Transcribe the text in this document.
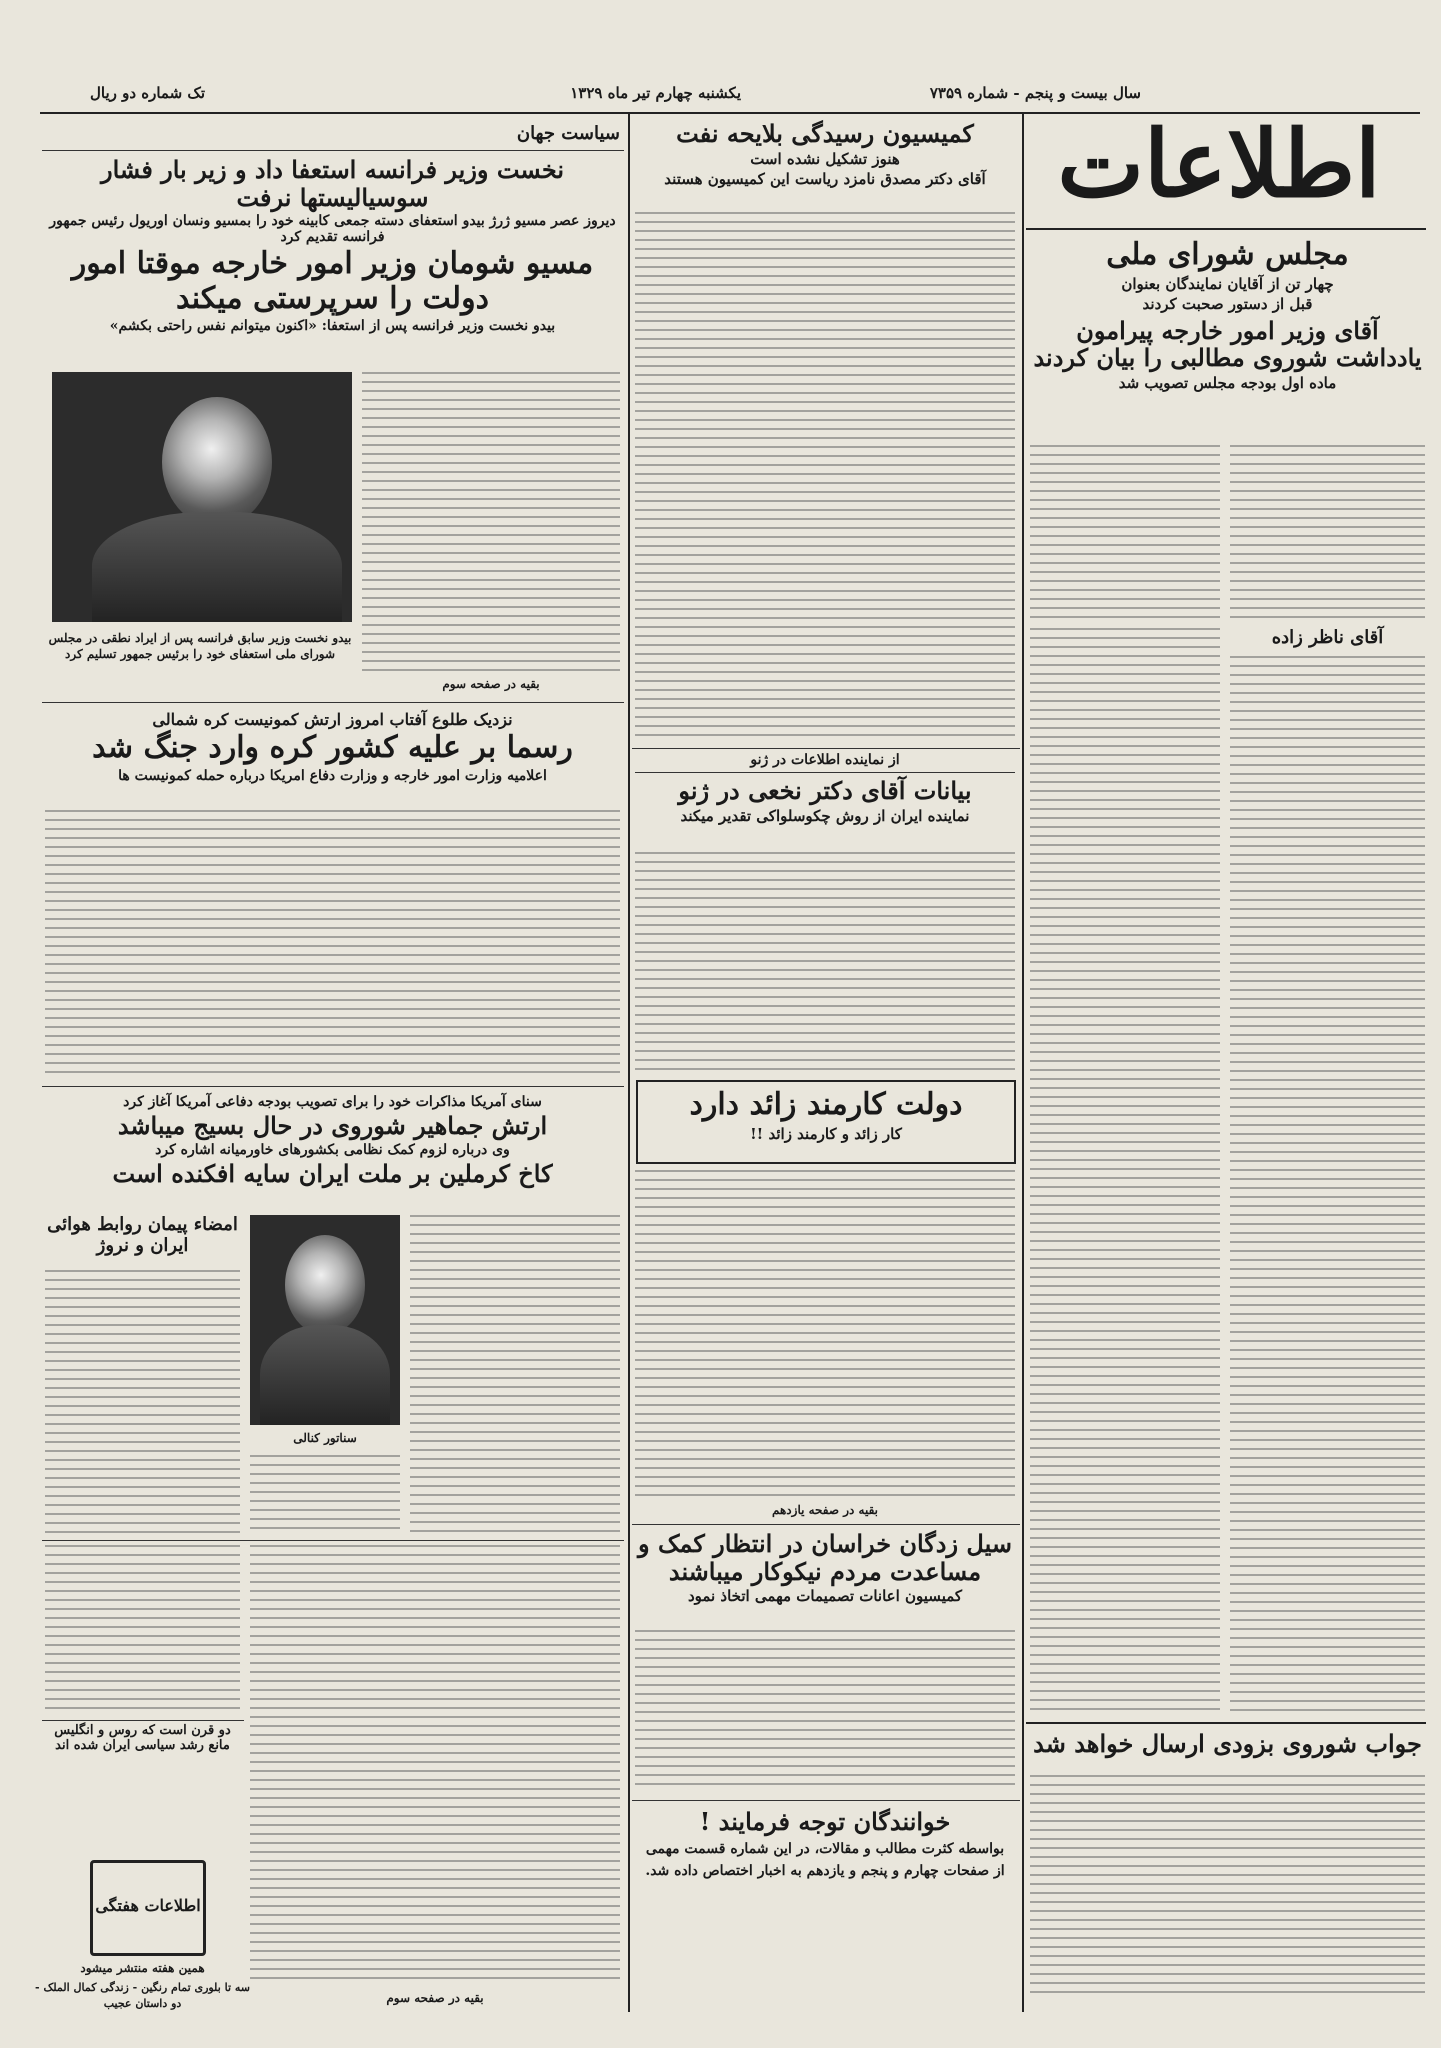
سال بیست و پنجم - شماره ۷۳۵۹
یکشنبه چهارم تیر ماه ۱۳۲۹
تک شماره دو ریال
اطلاعات

مجلس شورای ملی

چهار تن از آقایان نمایندگان بعنوان

قبل از دستور صحبت کردند

آقای وزیر امور خارجه پیرامون یادداشت شوروی مطالبی را بیان کردند

ماده اول بودجه مجلس تصویب شد

آقای ناظر زاده

جواب شوروی بزودی ارسال خواهد شد

کمیسیون رسیدگی بلایحه نفت

هنوز تشکیل نشده است

آقای دکتر مصدق نامزد ریاست این کمیسیون هستند

از نماینده اطلاعات در ژنو

بیانات آقای دکتر نخعی در ژنو

نماینده ایران از روش چکوسلواکی تقدیر میکند

دولت کارمند زائد دارد

کار زائد و کارمند زائد !!

بقیه در صفحه یازدهم

سیل زدگان خراسان در انتظار کمک و مساعدت مردم نیکوکار میباشند

کمیسیون اعانات تصمیمات مهمی اتخاذ نمود

خوانندگان توجه فرمایند !

بواسطه کثرت مطالب و مقالات، در این شماره قسمت مهمی از صفحات چهارم و پنجم و یازدهم به اخبار اختصاص داده شد.

سیاست جهان

نخست وزیر فرانسه استعفا داد و زیر بار فشار سوسیالیستها نرفت

دیروز عصر مسیو ژرژ بیدو استعفای دسته جمعی کابینه خود را بمسیو ونسان اوریول رئیس جمهور فرانسه تقدیم کرد

مسیو شومان وزیر امور خارجه موقتا امور دولت را سرپرستی میکند

بیدو نخست وزیر فرانسه پس از استعفا: «اکنون میتوانم نفس راحتی بکشم»

بیدو نخست وزیر سابق فرانسه پس از ایراد نطقی در مجلس شورای ملی استعفای خود را برئیس جمهور تسلیم کرد
بقیه در صفحه سوم

نزدیک طلوع آفتاب امروز ارتش کمونیست کره شمالی

رسما بر علیه کشور کره وارد جنگ شد

اعلامیه وزارت امور خارجه و وزارت دفاع امریکا درباره حمله کمونیست ها

سنای آمریکا مذاکرات خود را برای تصویب بودجه دفاعی آمریکا آغاز کرد

ارتش جماهیر شوروی در حال بسیج میباشد

وی درباره لزوم کمک نظامی بکشورهای خاورمیانه اشاره کرد

کاخ کرملین بر ملت ایران سایه افکنده است

سناتور کنالی

امضاء پیمان روابط هوائی ایران و نروژ

دو قرن است که روس و انگلیس مانع رشد سیاسی ایران شده اند

اطلاعات هفتگی
همین هفته منتشر میشود
سه تا بلوری تمام رنگین - زندگی کمال الملک - دو داستان عجیب	بقیه در صفحه سوم
